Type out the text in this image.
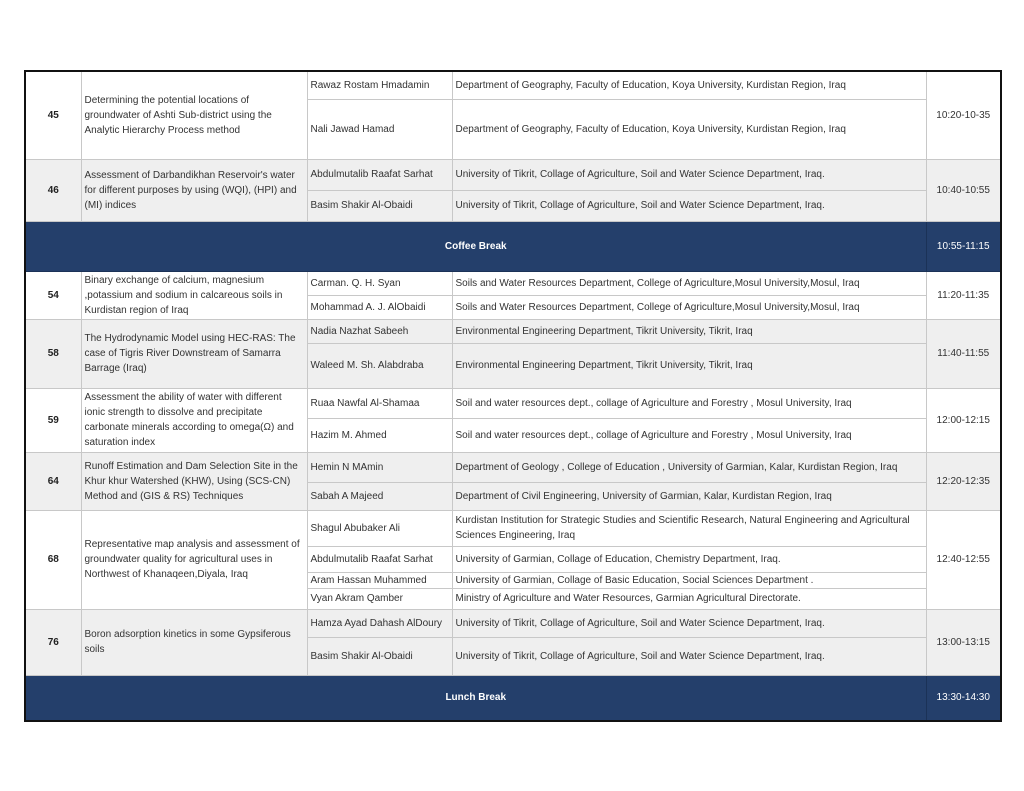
45	Determining the potential locations of groundwater of Ashti Sub-district using the Analytic Hierarchy Process method	Rawaz Rostam Hmadamin	Department of Geography, Faculty of Education, Koya University, Kurdistan Region, Iraq	10:20-10-35
		Nali Jawad Hamad	Department of Geography, Faculty of Education, Koya University, Kurdistan Region, Iraq	
46	Assessment of Darbandikhan Reservoir's water for different purposes by using (WQI), (HPI) and (MI) indices	Abdulmutalib Raafat Sarhat	University of Tikrit, Collage of Agriculture, Soil and Water Science Department, Iraq.	10:40-10:55
		Basim Shakir Al-Obaidi	University of Tikrit, Collage of Agriculture, Soil and Water Science Department, Iraq.	
Coffee Break				10:55-11:15
54	Binary exchange of calcium, magnesium ,potassium and sodium in calcareous soils in Kurdistan region of Iraq	Carman. Q. H. Syan	Soils and Water Resources Department, College of Agriculture,Mosul University,Mosul, Iraq	11:20-11:35
		Mohammad A. J. AlObaidi	Soils and Water Resources Department, College of Agriculture,Mosul University,Mosul, Iraq	
58	The Hydrodynamic Model using HEC-RAS: The case of Tigris River Downstream of Samarra Barrage (Iraq)	Nadia Nazhat Sabeeh	Environmental Engineering Department, Tikrit University, Tikrit, Iraq	11:40-11:55
		Waleed M. Sh. Alabdraba	Environmental Engineering Department, Tikrit University, Tikrit, Iraq	
59	Assessment the ability of water with different ionic strength to dissolve and precipitate carbonate minerals according to omega(Ω) and saturation index	Ruaa Nawfal Al-Shamaa	Soil and water resources dept., collage of Agriculture and Forestry , Mosul University, Iraq	12:00-12:15
		Hazim M. Ahmed	Soil and water resources dept., collage of Agriculture and Forestry , Mosul University, Iraq	
64	Runoff Estimation and Dam Selection Site in the Khur khur Watershed (KHW), Using (SCS-CN) Method and (GIS & RS) Techniques	Hemin N MAmin	Department of Geology , College of Education , University of Garmian, Kalar, Kurdistan Region, Iraq	12:20-12:35
		Sabah A Majeed	Department of Civil Engineering, University of Garmian, Kalar, Kurdistan Region, Iraq	
68	Representative map analysis and assessment of groundwater quality for agricultural uses in Northwest of Khanaqeen,Diyala, Iraq	Shagul Abubaker Ali	Kurdistan Institution for Strategic Studies and Scientific Research, Natural Engineering and Agricultural Sciences Engineering, Iraq	12:40-12:55
		Abdulmutalib Raafat Sarhat	University of Garmian, Collage of Education, Chemistry Department, Iraq.	
		Aram Hassan Muhammed	University of Garmian, Collage of Basic Education, Social Sciences Department .	
		Vyan Akram Qamber	Ministry of Agriculture and Water Resources, Garmian Agricultural Directorate.	
76	Boron adsorption kinetics in some Gypsiferous soils	Hamza Ayad Dahash AlDoury	University of Tikrit, Collage of Agriculture, Soil and Water Science Department, Iraq.	13:00-13:15
		Basim Shakir Al-Obaidi	University of Tikrit, Collage of Agriculture, Soil and Water Science Department, Iraq.	
Lunch Break				13:30-14:30
